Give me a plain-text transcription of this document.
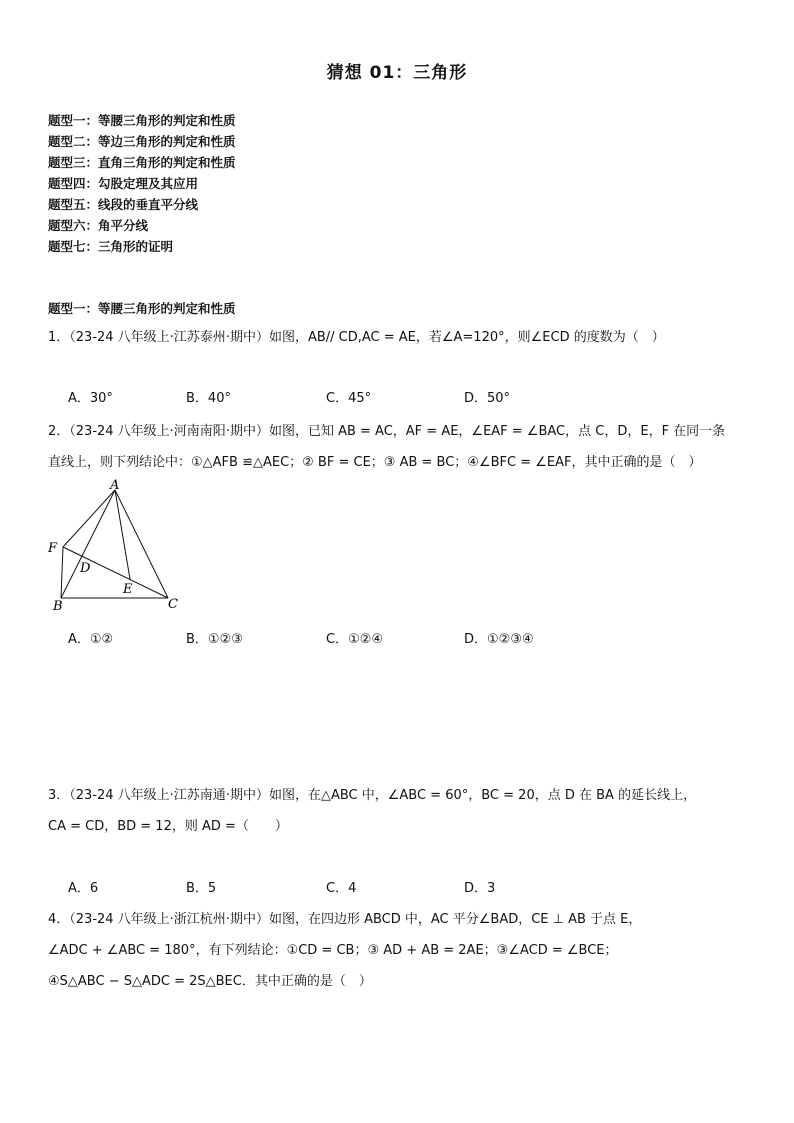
猜想 01：三角形
题型一：等腰三角形的判定和性质
题型二：等边三角形的判定和性质
题型三：直角三角形的判定和性质
题型四：勾股定理及其应用
题型五：线段的垂直平分线
题型六：角平分线
题型七：三角形的证明
题型一：等腰三角形的判定和性质
1．（23-24 八年级上·江苏泰州·期中）如图，AB// CD,AC = AE，若∠A=120°，则∠ECD 的度数为（　）
A．30°	B．40°	C．45°	D．50°
2．（23-24 八年级上·河南南阳·期中）如图，已知 AB = AC，AF = AE，∠EAF = ∠BAC，点 C，D，E，F 在同一条
直线上，则下列结论中：①△AFB ≌△AEC；② BF = CE；③ AB = BC；④∠BFC = ∠EAF，其中正确的是（　）
A
F
D
E
B	C
A．①②	B．①②③	C．①②④	D．①②③④
3．（23-24 八年级上·江苏南通·期中）如图，在△ABC 中，∠ABC = 60°，BC = 20，点 D 在 BA 的延长线上，
CA = CD，BD = 12，则 AD =（　　）
A．6	B．5	C．4	D．3
4．（23-24 八年级上·浙江杭州·期中）如图，在四边形 ABCD 中，AC 平分∠BAD，CE ⊥ AB 于点 E，
∠ADC + ∠ABC = 180°，有下列结论：①CD = CB；③ AD + AB = 2AE；③∠ACD = ∠BCE；
④S△ABC − S△ADC = 2S△BEC．其中正确的是（　）
